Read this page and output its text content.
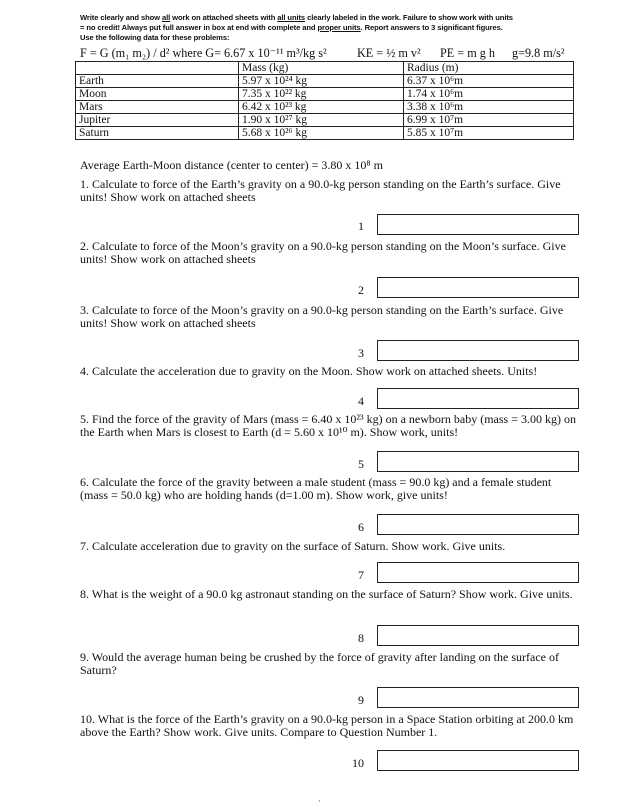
Write clearly and show all work on attached sheets with all units clearly labeled in the work. Failure to show work with units
= no credit! Always put full answer in box at end with complete and proper units. Report answers to 3 significant figures.
Use the following data for these problems:
F = G (m₁ m₂) / d² where G= 6.67 x 10⁻¹¹ m³/kg s² KE = ½ m v² PE = m g h g=9.8 m/s²
	Mass (kg)	Radius (m)
Earth	5.97 x 10²⁴ kg	6.37 x 10⁶m
Moon	7.35 x 10²² kg	1.74 x 10⁶m
Mars	6.42 x 10²³ kg	3.38 x 10⁶m
Jupiter	1.90 x 10²⁷ kg	6.99 x 10⁷m
Saturn	5.68 x 10²⁶ kg	5.85 x 10⁷m
Average Earth-Moon distance (center to center) = 3.80 x 10⁸ m
1. Calculate to force of the Earth’s gravity on a 90.0-kg person standing on the Earth’s surface. Give units! Show work on attached sheets
1
2. Calculate to force of the Moon’s gravity on a 90.0-kg person standing on the Moon’s surface. Give units! Show work on attached sheets
2
3. Calculate to force of the Moon’s gravity on a 90.0-kg person standing on the Earth’s surface. Give units! Show work on attached sheets
3
4. Calculate the acceleration due to gravity on the Moon. Show work on attached sheets. Units!
4
5. Find the force of the gravity of Mars (mass = 6.40 x 10²³ kg) on a newborn baby (mass = 3.00 kg) on the Earth when Mars is closest to Earth (d = 5.60 x 10¹⁰ m). Show work, units!
5
6. Calculate the force of the gravity between a male student (mass = 90.0 kg) and a female student (mass = 50.0 kg) who are holding hands (d=1.00 m). Show work, give units!
6
7. Calculate acceleration due to gravity on the surface of Saturn. Show work. Give units.
7
8. What is the weight of a 90.0 kg astronaut standing on the surface of Saturn? Show work. Give units.
8
9. Would the average human being be crushed by the force of gravity after landing on the surface of Saturn?
9
10. What is the force of the Earth’s gravity on a 90.0-kg person in a Space Station orbiting at 200.0 km above the Earth? Show work. Give units. Compare to Question Number 1.
10
·
